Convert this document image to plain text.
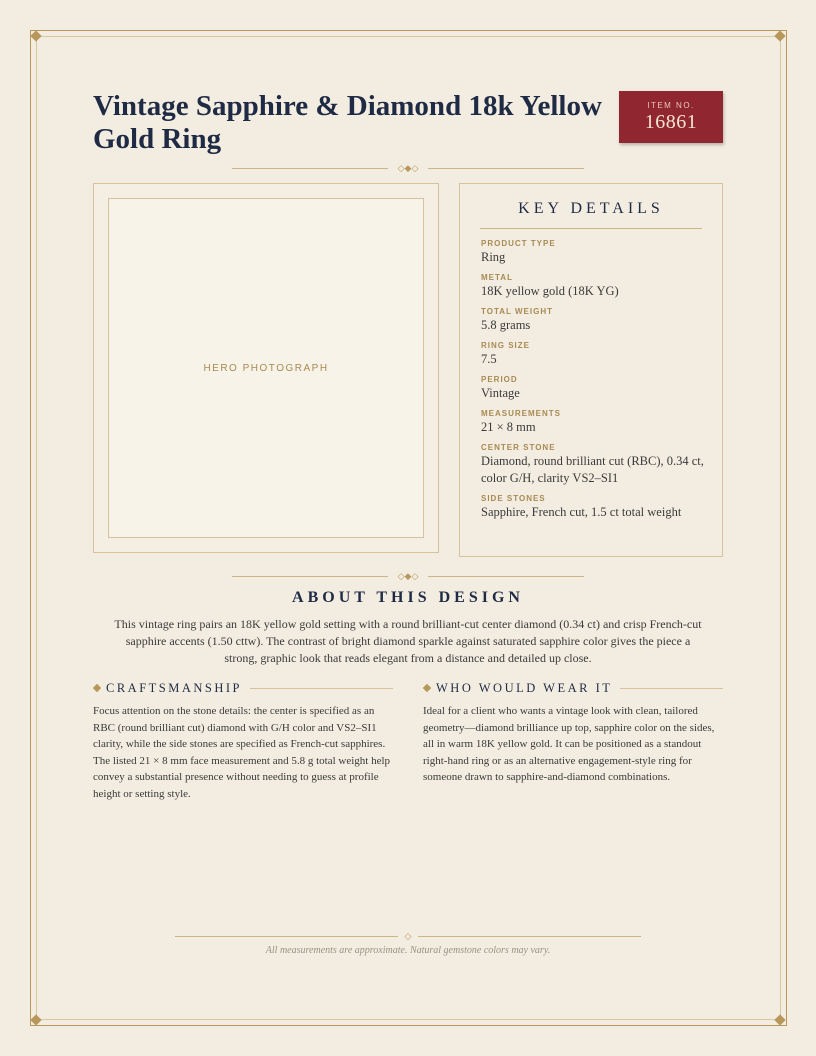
Vintage Sapphire & Diamond 18k Yellow Gold Ring
ITEM NO.
16861
◇◆◇
HERO PHOTOGRAPH
KEY DETAILS
PRODUCT TYPE
Ring
METAL
18K yellow gold (18K YG)
TOTAL WEIGHT
5.8 grams
RING SIZE
7.5
PERIOD
Vintage
MEASUREMENTS
21 × 8 mm
CENTER STONE
Diamond, round brilliant cut (RBC), 0.34 ct, color G/H, clarity VS2–SI1
SIDE STONES
Sapphire, French cut, 1.5 ct total weight
◇◆◇
ABOUT THIS DESIGN

This vintage ring pairs an 18K yellow gold setting with a round brilliant-cut center diamond (0.34 ct) and crisp French-cut sapphire accents (1.50 cttw). The contrast of bright diamond sparkle against saturated sapphire color gives the piece a strong, graphic look that reads elegant from a distance and detailed up close.

CRAFTSMANSHIP

Focus attention on the stone details: the center is specified as an RBC (round brilliant cut) diamond with G/H color and VS2–SI1 clarity, while the side stones are specified as French-cut sapphires. The listed 21 × 8 mm face measurement and 5.8 g total weight help convey a substantial presence without needing to guess at profile height or setting style.

WHO WOULD WEAR IT

Ideal for a client who wants a vintage look with clean, tailored geometry—diamond brilliance up top, sapphire color on the sides, all in warm 18K yellow gold. It can be positioned as a standout right-hand ring or as an alternative engagement-style ring for someone drawn to sapphire-and-diamond combinations.

◇

All measurements are approximate. Natural gemstone colors may vary.
